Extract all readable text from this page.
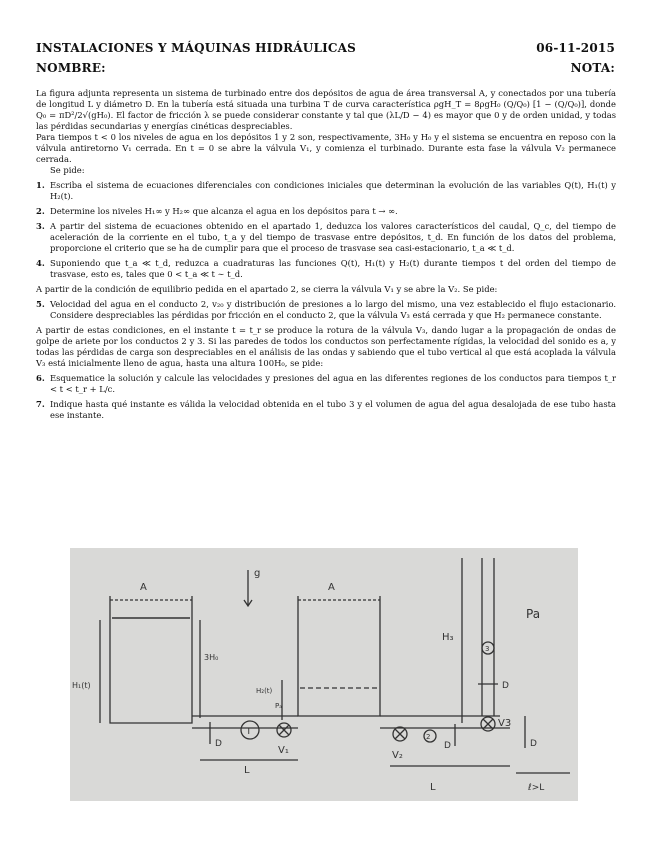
INSTALACIONES Y MÁQUINAS HIDRÁULICAS	06-11-2015
NOMBRE:	NOTA:

La figura adjunta representa un sistema de turbinado entre dos depósitos de agua de área transversal A, y conectados por una tubería de longitud L y diámetro D. En la tubería está situada una turbina T de curva característica ρgH_T = 8ρgH₀ (Q/Q₀) [1 − (Q/Q₀)], donde Q₀ = πD²/2√(gH₀). El factor de fricción λ se puede considerar constante y tal que (λL/D − 4) es mayor que 0 y de orden unidad, y todas las pérdidas secundarias y energías cinéticas despreciables.

Para tiempos t < 0 los niveles de agua en los depósitos 1 y 2 son, respectivamente, 3H₀ y H₀ y el sistema se encuentra en reposo con la válvula antiretorno V₁ cerrada. En t = 0 se abre la válvula V₁, y comienza el turbinado. Durante esta fase la válvula V₂ permanece cerrada.

Se pide:

1. Escriba el sistema de ecuaciones diferenciales con condiciones iniciales que determinan la evolución de las variables Q(t), H₁(t) y H₂(t).
2. Determine los niveles H₁∞ y H₂∞ que alcanza el agua en los depósitos para t → ∞.
3. A partir del sistema de ecuaciones obtenido en el apartado 1, deduzca los valores característicos del caudal, Q_c, del tiempo de aceleración de la corriente en el tubo, t_a y del tiempo de trasvase entre depósitos, t_d. En función de los datos del problema, proporcione el criterio que se ha de cumplir para que el proceso de trasvase sea casi-estacionario, t_a ≪ t_d.
4. Suponiendo que t_a ≪ t_d, reduzca a cuadraturas las funciones Q(t), H₁(t) y H₂(t) durante tiempos t del orden del tiempo de trasvase, esto es, tales que 0 < t_a ≪ t ∼ t_d.

A partir de la condición de equilibrio pedida en el apartado 2, se cierra la válvula V₁ y se abre la V₂. Se pide:

5. Velocidad del agua en el conducto 2, v₂₀ y distribución de presiones a lo largo del mismo, una vez establecido el flujo estacionario. Considere despreciables las pérdidas por fricción en el conducto 2, que la válvula V₃ está cerrada y que H₂ permanece constante.

A partir de estas condiciones, en el instante t = t_r se produce la rotura de la válvula V₃, dando lugar a la propagación de ondas de golpe de ariete por los conductos 2 y 3. Si las paredes de todos los conductos son perfectamente rígidas, la velocidad del sonido es a, y todas las pérdidas de carga son despreciables en el análisis de las ondas y sabiendo que el tubo vertical al que está acoplada la válvula V₃ está inicialmente lleno de agua, hasta una altura 100H₀, se pide:

6. Esquematice la solución y calcule las velocidades y presiones del agua en las diferentes regiones de los conductos para tiempos t_r < t < t_r + L/c.
7. Indique hasta qué instante es válida la velocidad obtenida en el tubo 3 y el volumen de agua del agua desalojada de ese tubo hasta ese instante.
A	A
g
3H₀
H₁(t)
H₂(t)
T
Pₐ
V₁	V₂
V3
D	D	D
D
L
L	ℓ>L
H₃
2
3
Pa
